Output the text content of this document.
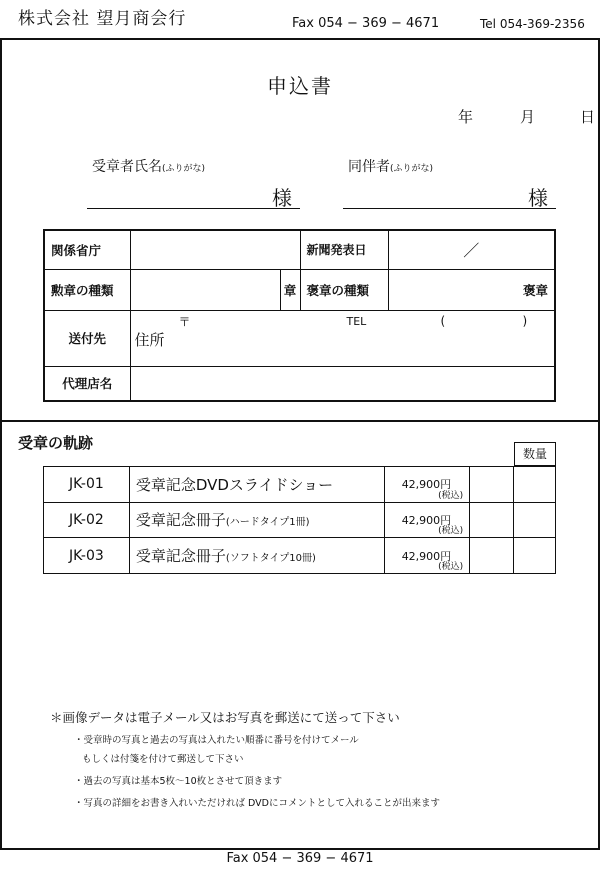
株式会社 望月商会行	Fax 054 − 369 − 4671	Tel 054-369-2356
申込書
年	月	日
受章者氏名(ふりがな)	同伴者(ふりがな)
様	様
関係省庁			新聞発表日	／
勲章の種類		章	褒章の種類	褒章
送付先	〒
住所
TEL ( )			

代理店名				
受章の軌跡
数量
JK-01	受章記念DVDスライドショー	42,900円
(税込)		

JK-02	受章記念冊子(ハードタイプ1冊)	42,900円
(税込)		

JK-03	受章記念冊子(ソフトタイプ10冊)	42,900円
(税込)		

＊画像データは電子メール又はお写真を郵送にて送って下さい
・受章時の写真と過去の写真は入れたい順番に番号を付けてメール
もしくは付箋を付けて郵送して下さい
・過去の写真は基本5枚〜10枚とさせて頂きます
・写真の詳細をお書き入れいただければ DVDにコメントとして入れることが出来ます
Fax 054 − 369 − 4671
